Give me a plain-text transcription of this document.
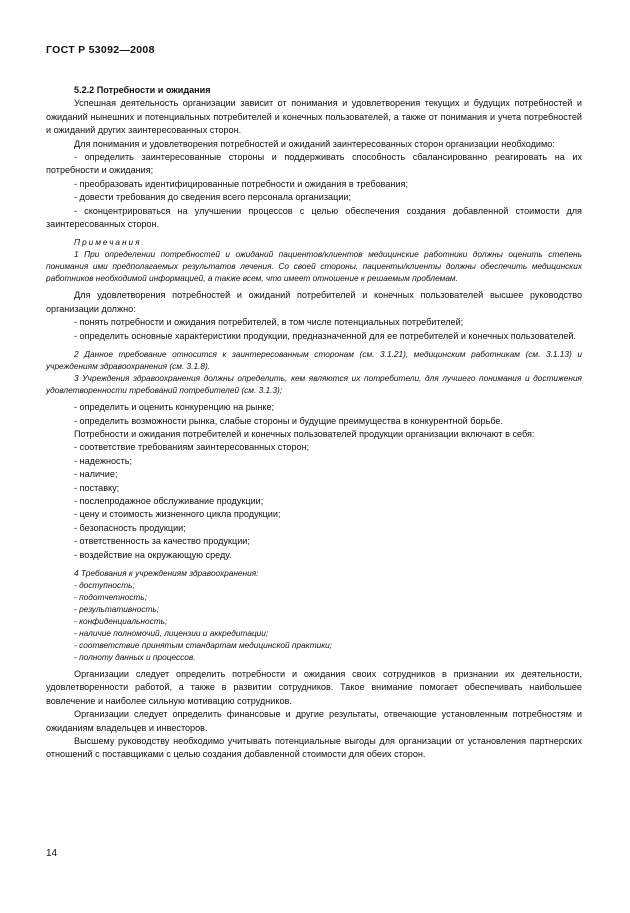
ГОСТ Р 53092—2008

5.2.2 Потребности и ожидания

Успешная деятельность организации зависит от понимания и удовлетворения текущих и будущих потребностей и ожиданий нынешних и потенциальных потребителей и конечных пользователей, а также от понимания и учета потребностей и ожиданий других заинтересованных сторон.

Для понимания и удовлетворения потребностей и ожиданий заинтересованных сторон организации необходимо:

- определить заинтересованные стороны и поддерживать способность сбалансированно реагировать на их потребности и ожидания;

- преобразовать идентифицированные потребности и ожидания в требования;

- довести требования до сведения всего персонала организации;

- сконцентрироваться на улучшении процессов с целью обеспечения создания добавленной стоимости для заинтересованных сторон.

Примечания

1 При определении потребностей и ожиданий пациентов/клиентов медицинские работники должны оценить степень понимания ими предполагаемых результатов лечения. Со своей стороны, пациенты/клиенты должны обеспечить медицинских работников необходимой информацией, а также всем, что имеет отношение к решаемым проблемам.

Для удовлетворения потребностей и ожиданий потребителей и конечных пользователей высшее руководство организации должно:

- понять потребности и ожидания потребителей, в том числе потенциальных потребителей;

- определить основные характеристики продукции, предназначенной для ее потребителей и конечных пользователей.

2 Данное требование относится к заинтересованным сторонам (см. 3.1.21), медицинским работникам (см. 3.1.13) и учреждениям здравоохранения (см. 3.1.8).

3 Учреждения здравоохранения должны определить, кем являются их потребители, для лучшего понимания и достижения удовлетворенности требований потребителей (см. 3.1.3);

- определить и оценить конкуренцию на рынке;

- определить возможности рынка, слабые стороны и будущие преимущества в конкурентной борьбе.

Потребности и ожидания потребителей и конечных пользователей продукции организации включают в себя:

- соответствие требованиям заинтересованных сторон;

- надежность;

- наличие;

- поставку;

- послепродажное обслуживание продукции;

- цену и стоимость жизненного цикла продукции;

- безопасность продукции;

- ответственность за качество продукции;

- воздействие на окружающую среду.

4 Требования к учреждениям здравоохранения:

- доступность;

- подотчетность;

- результативность;

- конфиденциальность;

- наличие полномочий, лицензии и аккредитации;

- соответствие принятым стандартам медицинской практики;

- полноту данных и процессов.

Организации следует определить потребности и ожидания своих сотрудников в признании их деятельности, удовлетворенности работой, а также в развитии сотрудников. Такое внимание помогает обеспечивать наибольшее вовлечение и наиболее сильную мотивацию сотрудников.

Организации следует определить финансовые и другие результаты, отвечающие установленным потребностям и ожиданиям владельцев и инвесторов.

Высшему руководству необходимо учитывать потенциальные выгоды для организации от установления партнерских отношений с поставщиками с целью создания добавленной стоимости для обеих сторон.

14
